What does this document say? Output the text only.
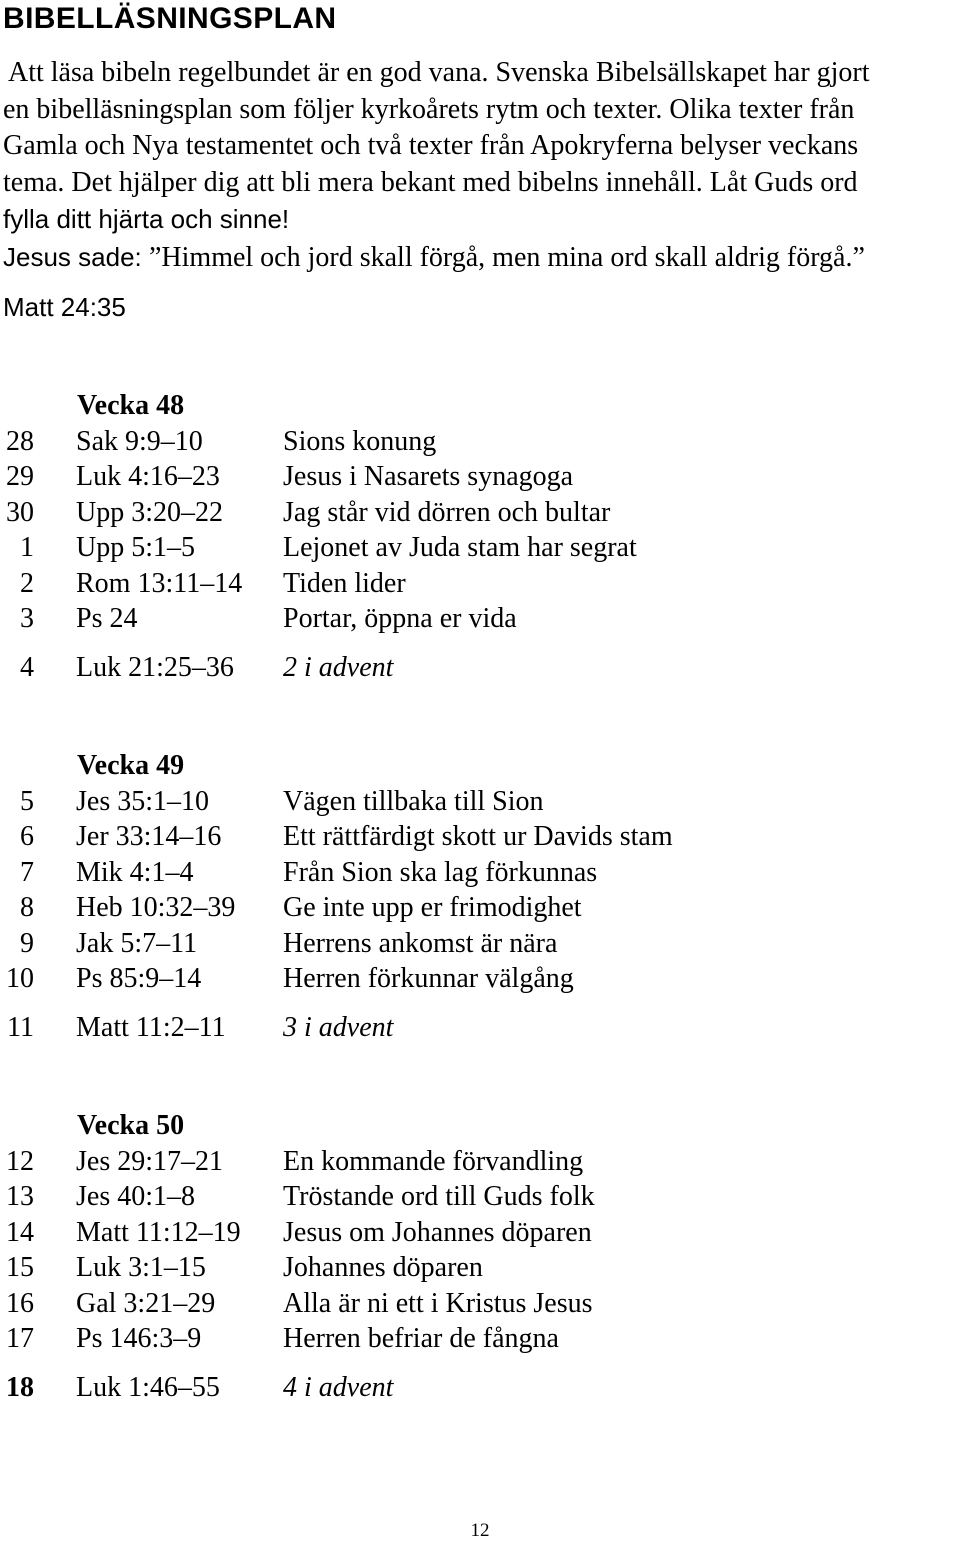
BIBELLÄSNINGSPLAN
Att läsa bibeln regelbundet är en god vana. Svenska Bibelsällskapet har gjort
en bibelläsningsplan som följer kyrkoårets rytm och texter. Olika texter från
Gamla och Nya testamentet och två texter från Apokryferna belyser veckans
tema. Det hjälper dig att bli mera bekant med bibelns innehåll. Låt Guds ord
fylla ditt hjärta och sinne!
Jesus sade: ”Himmel och jord skall förgå, men mina ord skall aldrig förgå.”
Matt 24:35
Vecka 48
28 Sak 9:9–10	Sions konung
29 Luk 4:16–23 Jesus i Nasarets synagoga
30 Upp 3:20–22 Jag står vid dörren och bultar
1 Upp 5:1–5	Lejonet av Juda stam har segrat
2 Rom 13:11–14 Tiden lider
3 Ps 24	Portar, öppna er vida
4 Luk 21:25–36 2 i advent
Vecka 49
5 Jes 35:1–10	Vägen tillbaka till Sion
6 Jer 33:14–16 Ett rättfärdigt skott ur Davids stam
7 Mik 4:1–4	Från Sion ska lag förkunnas
8 Heb 10:32–39 Ge inte upp er frimodighet
9 Jak 5:7–11	Herrens ankomst är nära
10 Ps 85:9–14	Herren förkunnar välgång
11 Matt 11:2–11 3 i advent
Vecka 50
12 Jes 29:17–21 En kommande förvandling
13 Jes 40:1–8	Tröstande ord till Guds folk
14 Matt 11:12–19 Jesus om Johannes döparen
15 Luk 3:1–15	Johannes döparen
16 Gal 3:21–29 Alla är ni ett i Kristus Jesus
17 Ps 146:3–9	Herren befriar de fångna
18 Luk 1:46–55 4 i advent
12
